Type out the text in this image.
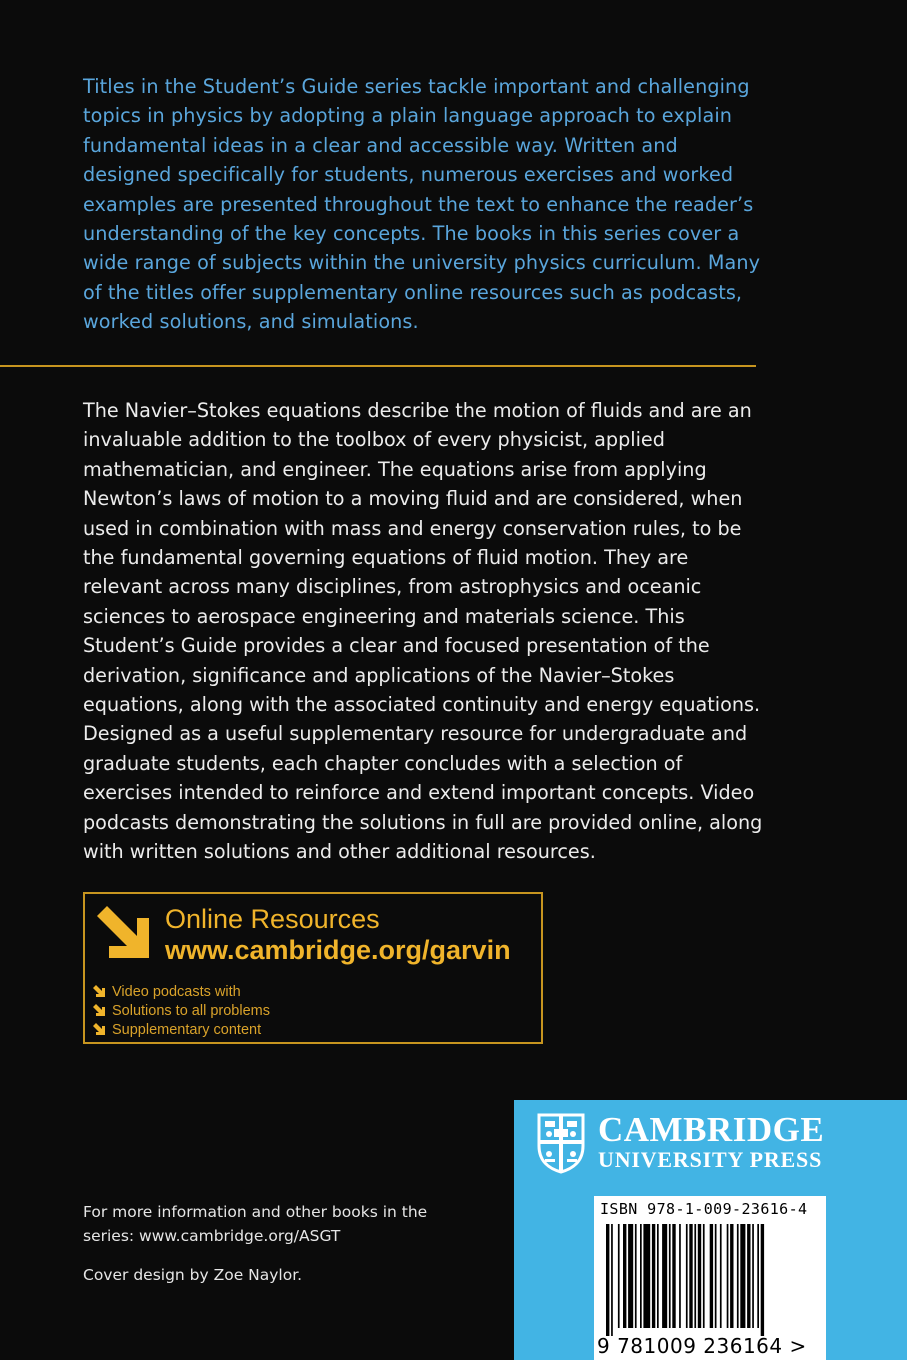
Titles in the Student’s Guide series tackle important and challenging topics in physics by adopting a plain language approach to explain fundamental ideas in a clear and accessible way. Written and designed specifically for students, numerous exercises and worked examples are presented throughout the text to enhance the reader’s understanding of the key concepts. The books in this series cover a wide range of subjects within the university physics curriculum. Many of the titles offer supplementary online resources such as podcasts, worked solutions, and simulations.
The Navier–Stokes equations describe the motion of fluids and are an invaluable addition to the toolbox of every physicist, applied mathematician, and engineer. The equations arise from applying Newton’s laws of motion to a moving fluid and are considered, when used in combination with mass and energy conservation rules, to be the fundamental governing equations of fluid motion. They are relevant across many disciplines, from astrophysics and oceanic sciences to aerospace engineering and materials science. This Student’s Guide provides a clear and focused presentation of the derivation, significance and applications of the Navier–Stokes equations, along with the associated continuity and energy equations. Designed as a useful supplementary resource for undergraduate and graduate students, each chapter concludes with a selection of exercises intended to reinforce and extend important concepts. Video podcasts demonstrating the solutions in full are provided online, along with written solutions and other additional resources.
Online Resources
www.cambridge.org/garvin
Video podcasts with
Solutions to all problems
Supplementary content
For more information and other books in the series: www.cambridge.org/ASGT
Cover design by Zoe Naylor.
CAMBRIDGE
UNIVERSITY PRESS
ISBN 978-1-009-23616-4
9 781009 236164 >
